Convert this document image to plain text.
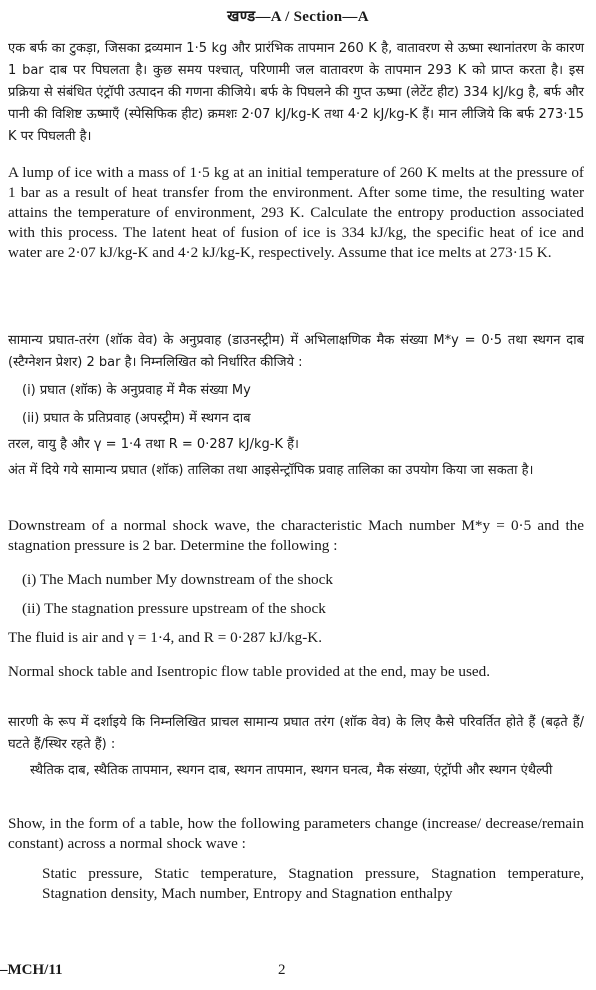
खण्ड—A / Section—A

एक बर्फ का टुकड़ा, जिसका द्रव्यमान 1·5 kg और प्रारंभिक तापमान 260 K है, वातावरण से ऊष्मा स्थानांतरण के कारण 1 bar दाब पर पिघलता है। कुछ समय पश्चात्, परिणामी जल वातावरण के तापमान 293 K को प्राप्त करता है। इस प्रक्रिया से संबंधित एंट्रॉपी उत्पादन की गणना कीजिये। बर्फ के पिघलने की गुप्त ऊष्मा (लेटेंट हीट) 334 kJ/kg है, बर्फ और पानी की विशिष्ट ऊष्माएँ (स्पेसिफिक हीट) क्रमशः 2·07 kJ/kg-K तथा 4·2 kJ/kg-K हैं। मान लीजिये कि बर्फ 273·15 K पर पिघलती है।

A lump of ice with a mass of 1·5 kg at an initial temperature of 260 K melts at the pressure of 1 bar as a result of heat transfer from the environment. After some time, the resulting water attains the temperature of environment, 293 K. Calculate the entropy production associated with this process. The latent heat of fusion of ice is 334 kJ/kg, the specific heat of ice and water are 2·07 kJ/kg-K and 4·2 kJ/kg-K, respectively. Assume that ice melts at 273·15 K.

सामान्य प्रघात-तरंग (शॉक वेव) के अनुप्रवाह (डाउनस्ट्रीम) में अभिलाक्षणिक मैक संख्या M*y = 0·5 तथा स्थगन दाब (स्टैग्नेशन प्रेशर) 2 bar है। निम्नलिखित को निर्धारित कीजिये :

(i) प्रघात (शॉक) के अनुप्रवाह में मैक संख्या My

(ii) प्रघात के प्रतिप्रवाह (अपस्ट्रीम) में स्थगन दाब

तरल, वायु है और γ = 1·4 तथा R = 0·287 kJ/kg-K हैं।

अंत में दिये गये सामान्य प्रघात (शॉक) तालिका तथा आइसेन्ट्रॉपिक प्रवाह तालिका का उपयोग किया जा सकता है।

Downstream of a normal shock wave, the characteristic Mach number M*y = 0·5 and the stagnation pressure is 2 bar. Determine the following :

(i) The Mach number My downstream of the shock

(ii) The stagnation pressure upstream of the shock

The fluid is air and γ = 1·4, and R = 0·287 kJ/kg-K.

Normal shock table and Isentropic flow table provided at the end, may be used.

सारणी के रूप में दर्शाइये कि निम्नलिखित प्राचल सामान्य प्रघात तरंग (शॉक वेव) के लिए कैसे परिवर्तित होते हैं (बढ़ते हैं/घटते हैं/स्थिर रहते हैं) :

स्थैतिक दाब, स्थैतिक तापमान, स्थगन दाब, स्थगन तापमान, स्थगन घनत्व, मैक संख्या, एंट्रॉपी और स्थगन एंथैल्पी

Show, in the form of a table, how the following parameters change (increase/ decrease/remain constant) across a normal shock wave :

Static pressure, Static temperature, Stagnation pressure, Stagnation temperature, Stagnation density, Mach number, Entropy and Stagnation enthalpy

–MCH/11	2
